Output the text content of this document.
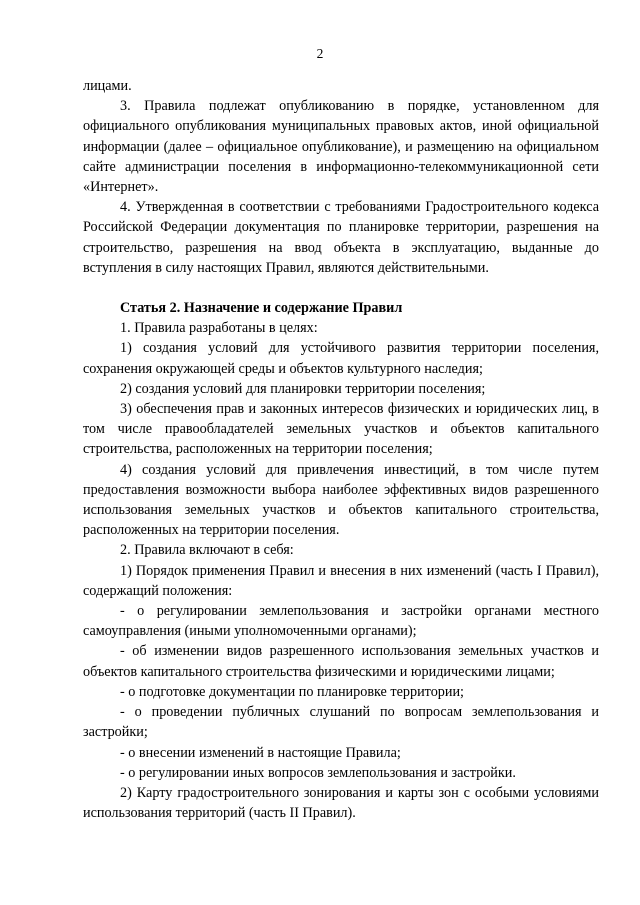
2

лицами.

3. Правила подлежат опубликованию в порядке, установленном для официального опубликования муниципальных правовых актов, иной официальной информации (далее – официальное опубликование), и размещению на официальном сайте администрации поселения в информационно-телекоммуникационной сети «Интернет».

4. Утвержденная в соответствии с требованиями Градостроительного кодекса Российской Федерации документация по планировке территории, разрешения на строительство, разрешения на ввод объекта в эксплуатацию, выданные до вступления в силу настоящих Правил, являются действительными.

Статья 2. Назначение и содержание Правил

1. Правила разработаны в целях:

1) создания условий для устойчивого развития территории поселения, сохранения окружающей среды и объектов культурного наследия;

2) создания условий для планировки территории поселения;

3) обеспечения прав и законных интересов физических и юридических лиц, в том числе правообладателей земельных участков и объектов капитального строительства, расположенных на территории поселения;

4) создания условий для привлечения инвестиций, в том числе путем предоставления возможности выбора наиболее эффективных видов разрешенного использования земельных участков и объектов капитального строительства, расположенных на территории поселения.

2. Правила включают в себя:

1) Порядок применения Правил и внесения в них изменений (часть I Правил), содержащий положения:

- о регулировании землепользования и застройки органами местного самоуправления (иными уполномоченными органами);

- об изменении видов разрешенного использования земельных участков и объектов капитального строительства физическими и юридическими лицами;

- о подготовке документации по планировке территории;

- о проведении публичных слушаний по вопросам землепользования и застройки;

- о внесении изменений в настоящие Правила;

- о регулировании иных вопросов землепользования и застройки.

2) Карту градостроительного зонирования и карты зон с особыми условиями использования территорий (часть II Правил).
